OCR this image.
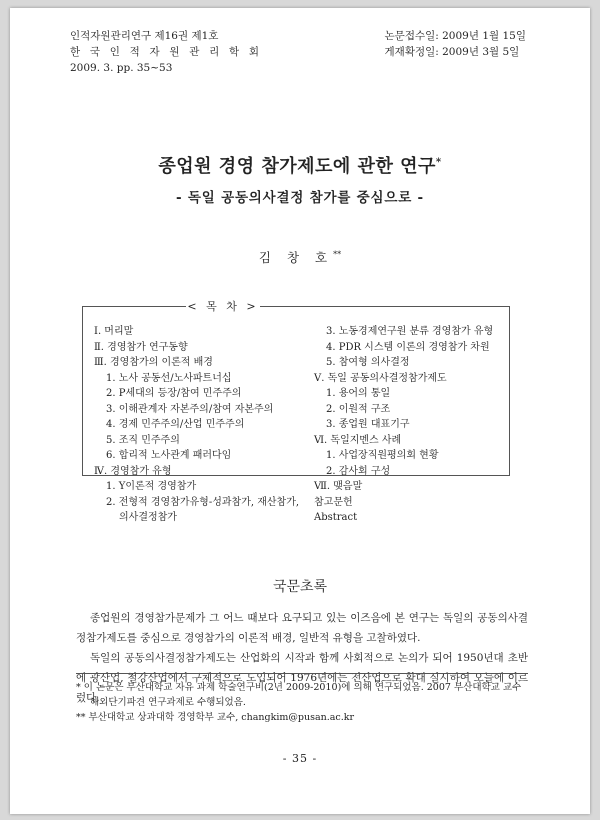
인적자원관리연구 제16권 제1호
한 국 인 적 자 원 관 리 학 회
2009. 3. pp. 35∼53
논문접수일: 2009년 1월 15일
게재확정일: 2009년 3월 5일
종업원 경영 참가제도에 관한 연구*
- 독일 공동의사결정 참가를 중심으로 -
김 창 호**
< 목 차 >
Ⅰ. 머리말
Ⅱ. 경영참가 연구동향
Ⅲ. 경영참가의 이론적 배경
1. 노사 공동선/노사파트너십
2. P세대의 등장/참여 민주주의
3. 이해관계자 자본주의/참여 자본주의
4. 경제 민주주의/산업 민주주의
5. 조직 민주주의
6. 합리적 노사관계 패러다임
Ⅳ. 경영참가 유형
1. Y이론적 경영참가
2. 전형적 경영참가유형-성과참가, 재산참가,
의사결정참가
3. 노동경제연구원 분류 경영참가 유형
4. PDR 시스템 이론의 경영참가 차원
5. 참여형 의사결정
Ⅴ. 독일 공동의사결정참가제도
1. 용어의 통일
2. 이원적 구조
3. 종업원 대표기구
Ⅵ. 독일지멘스 사례
1. 사업장직원평의회 현황
2. 감사회 구성
Ⅶ. 맺음말
참고문헌
Abstract
국문초록

종업원의 경영참가문제가 그 어느 때보다 요구되고 있는 이즈음에 본 연구는 독일의 공동의사결정참가제도를 중심으로 경영참가의 이론적 배경, 일반적 유형을 고찰하였다.

독일의 공동의사결정참가제도는 산업화의 시작과 함께 사회적으로 논의가 되어 1950년대 초반에 광산업, 철강산업에서 구체적으로 도입되어 1976년에는 전산업으로 확대 실시하여 오늘에 이르렀다.

* 이 논문은 부산대학교 자유 과제 학술연구비(2년 2009-2010)에 의해 연구되었음. 2007 부산대학교 교수 해외단기파견 연구과제로 수행되었음.
** 부산대학교 상과대학 경영학부 교수, changkim@pusan.ac.kr
- 35 -
